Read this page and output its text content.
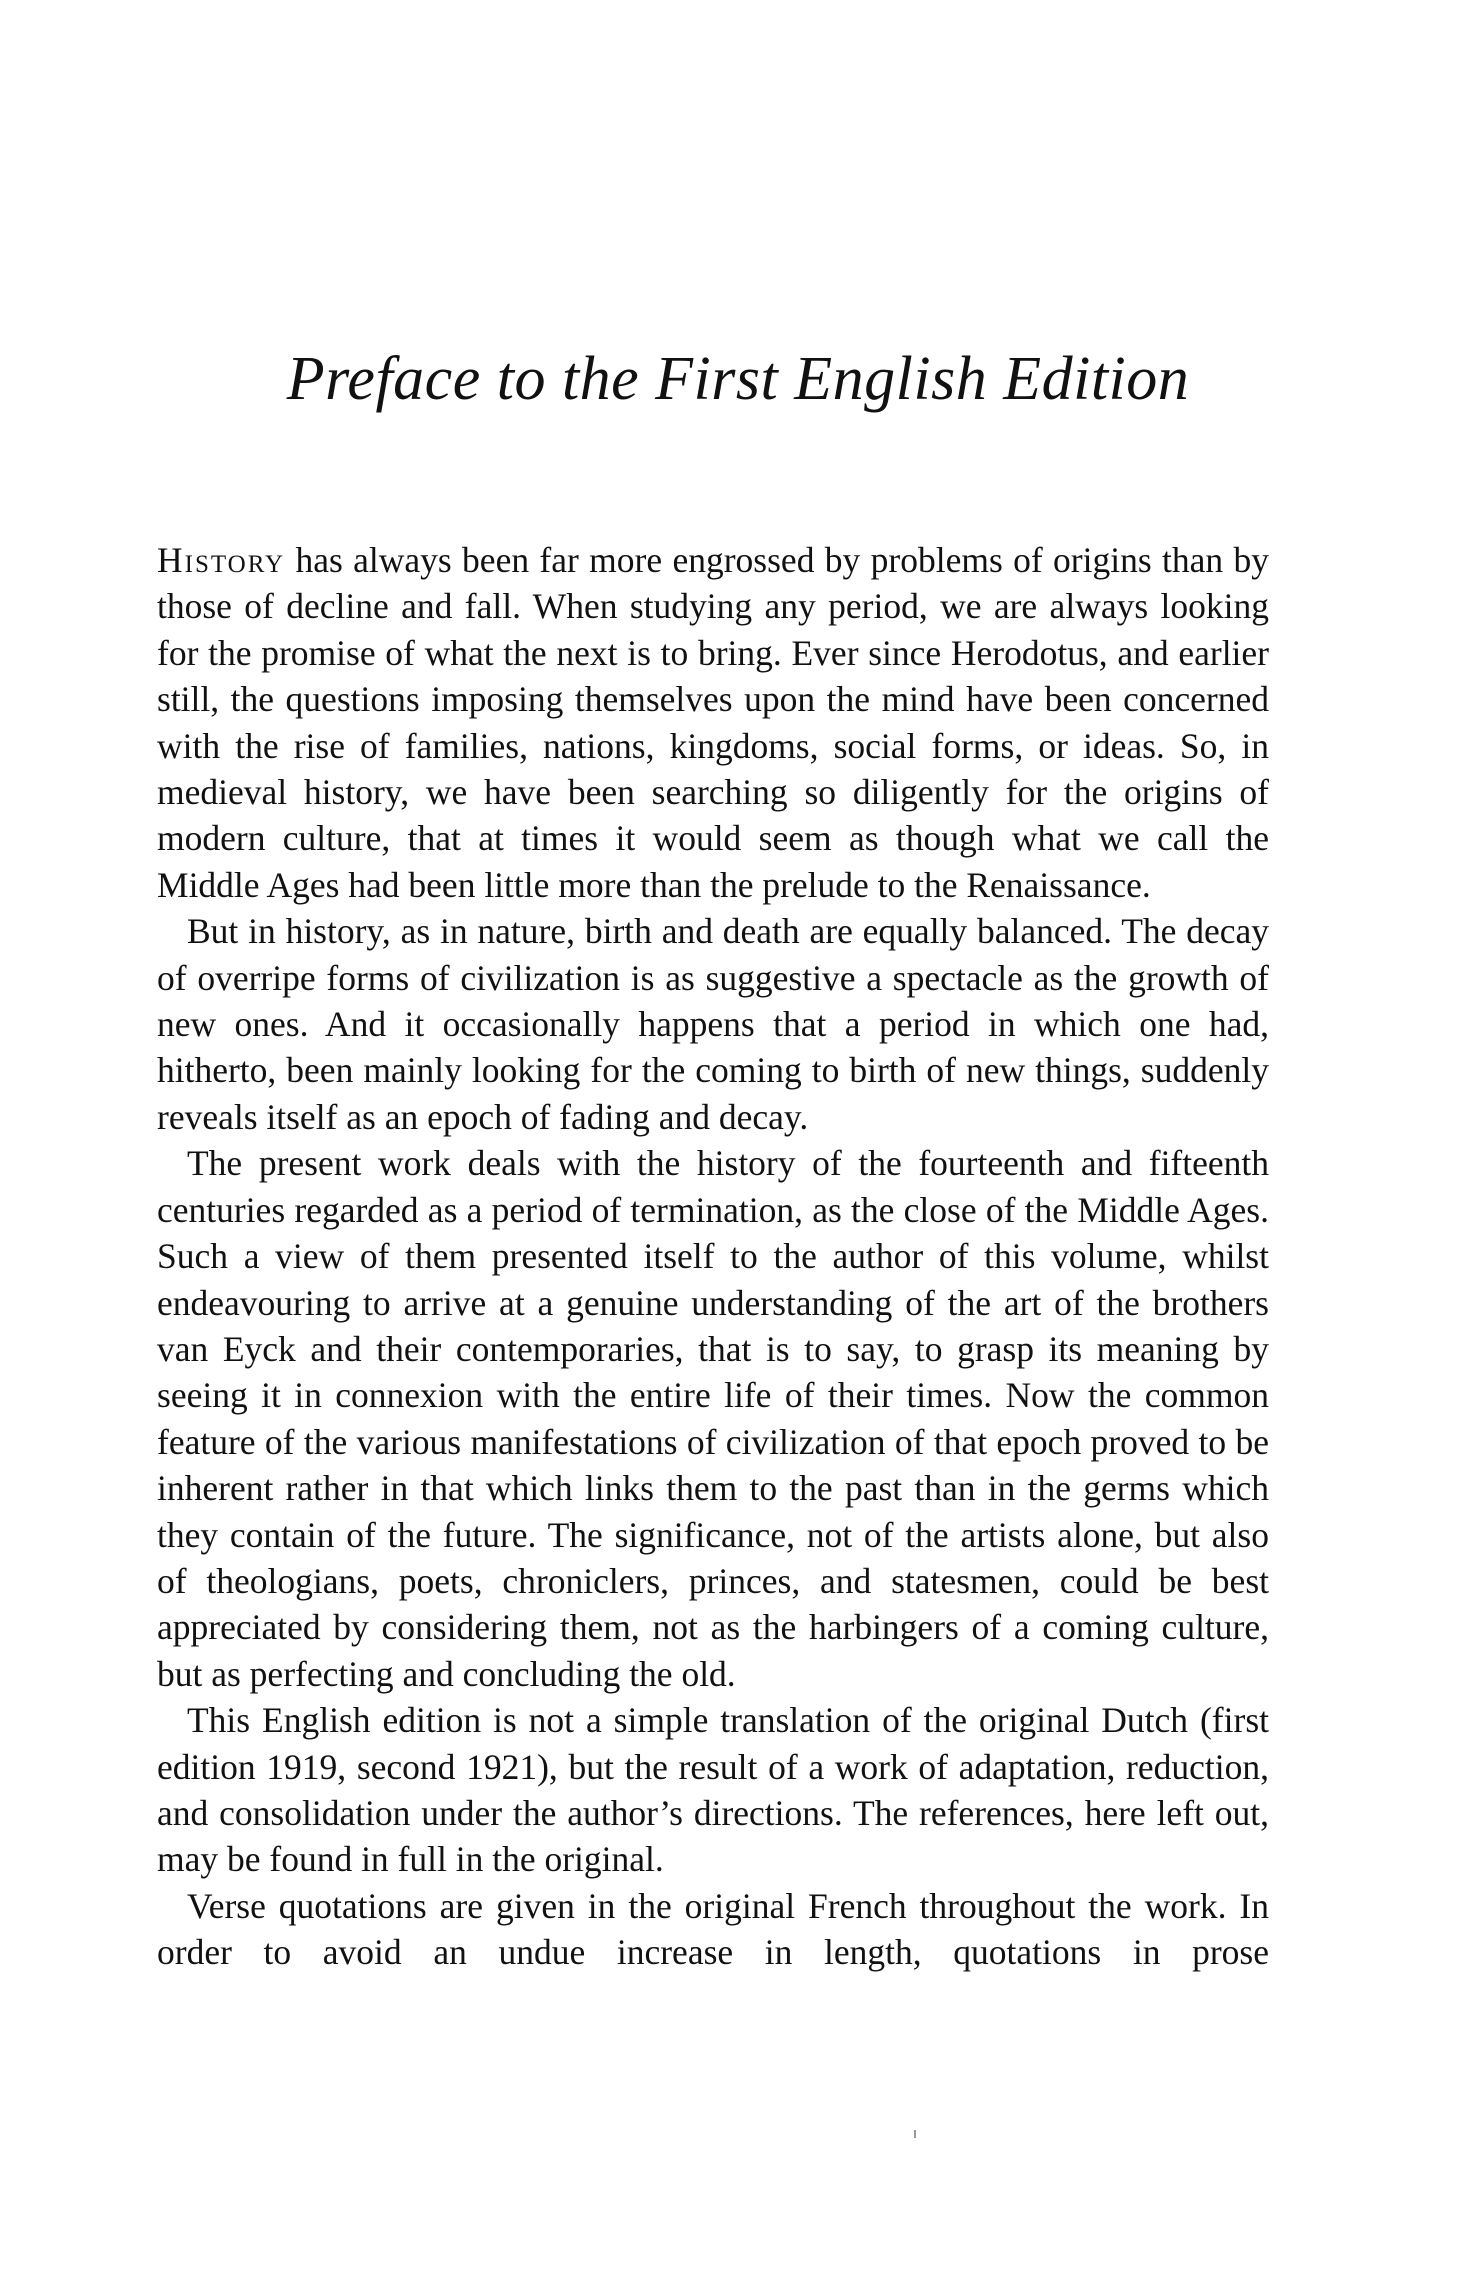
Preface to the First English Edition

History has always been far more engrossed by problems of origins than by those of decline and fall. When studying any period, we are always looking for the promise of what the next is to bring. Ever since Herodotus, and earlier still, the questions imposing themselves upon the mind have been concerned with the rise of families, nations, kingdoms, social forms, or ideas. So, in medieval history, we have been searching so diligently for the origins of modern culture, that at times it would seem as though what we call the Middle Ages had been little more than the prelude to the Renaissance.

But in history, as in nature, birth and death are equally balanced. The decay of overripe forms of civilization is as suggestive a spectacle as the growth of new ones. And it occasionally happens that a period in which one had, hitherto, been mainly looking for the coming to birth of new things, suddenly reveals itself as an epoch of fading and decay.

The present work deals with the history of the fourteenth and fifteenth centuries regarded as a period of termination, as the close of the Middle Ages. Such a view of them presented itself to the author of this volume, whilst endeavouring to arrive at a genuine understanding of the art of the brothers van Eyck and their contemporaries, that is to say, to grasp its meaning by seeing it in connexion with the entire life of their times. Now the common feature of the various manifestations of civilization of that epoch proved to be inherent rather in that which links them to the past than in the germs which they contain of the future. The significance, not of the artists alone, but also of theologians, poets, chroniclers, princes, and statesmen, could be best appreciated by considering them, not as the harbingers of a coming culture, but as perfecting and concluding the old.

This English edition is not a simple translation of the original Dutch (first edition 1919, second 1921), but the result of a work of adaptation, reduction, and consolidation under the author’s directions. The references, here left out, may be found in full in the original.

Verse quotations are given in the original French throughout the work. In order to avoid an undue increase in length, quotations in prose
